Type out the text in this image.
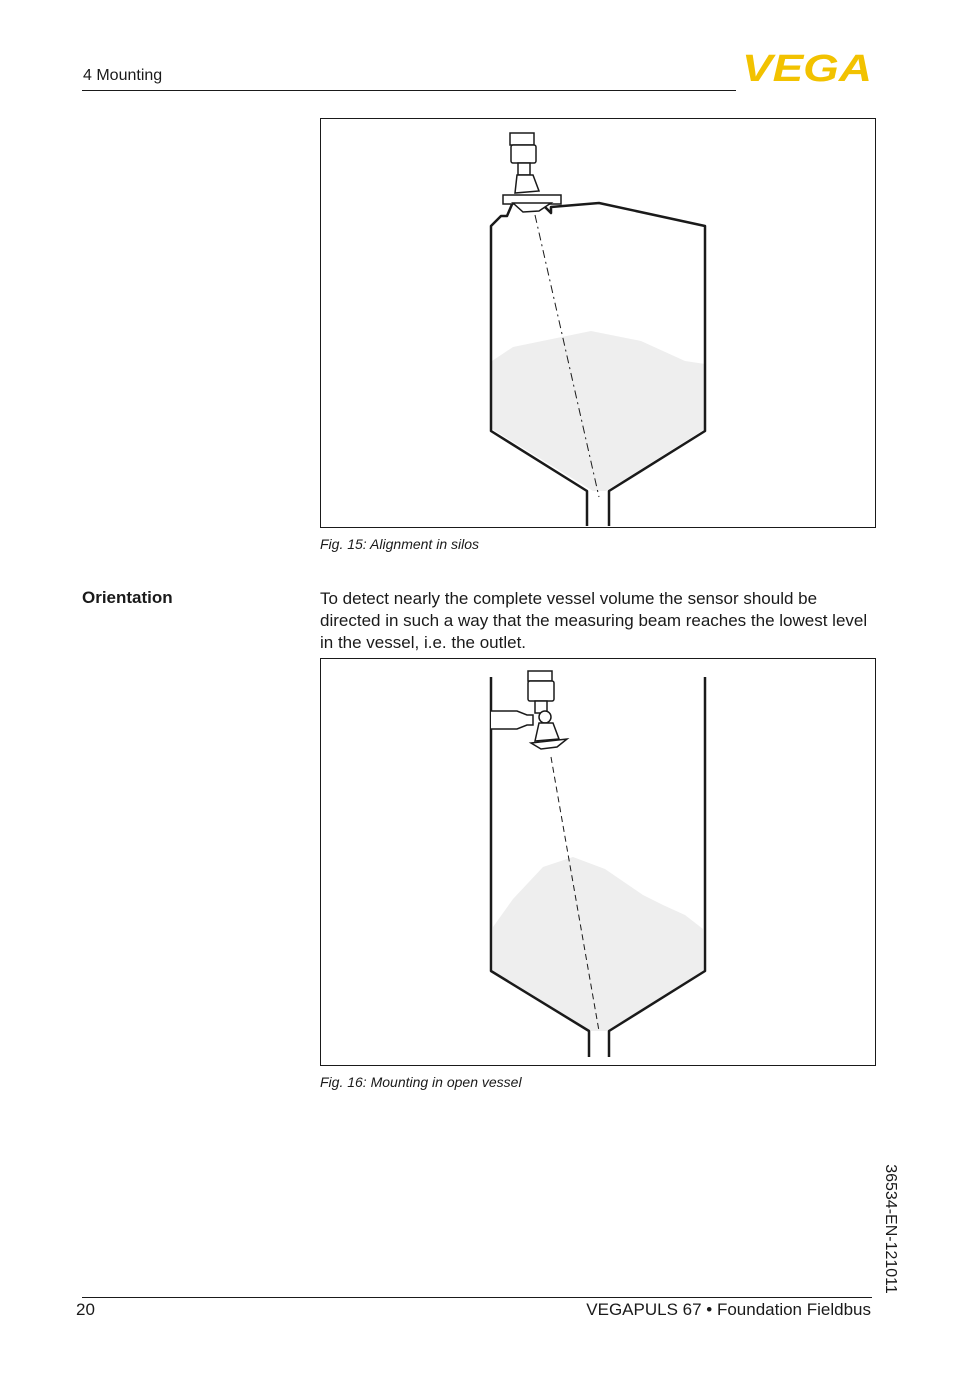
4 Mounting	VEGA
Fig. 15: Alignment in silos
Orientation	To detect nearly the complete vessel volume the sensor should be directed in such a way that the measuring beam reaches the lowest level in the vessel, i.e. the outlet.
Fig. 16: Mounting in open vessel
36534-EN-121011
20	VEGAPULS 67 • Foundation Fieldbus
